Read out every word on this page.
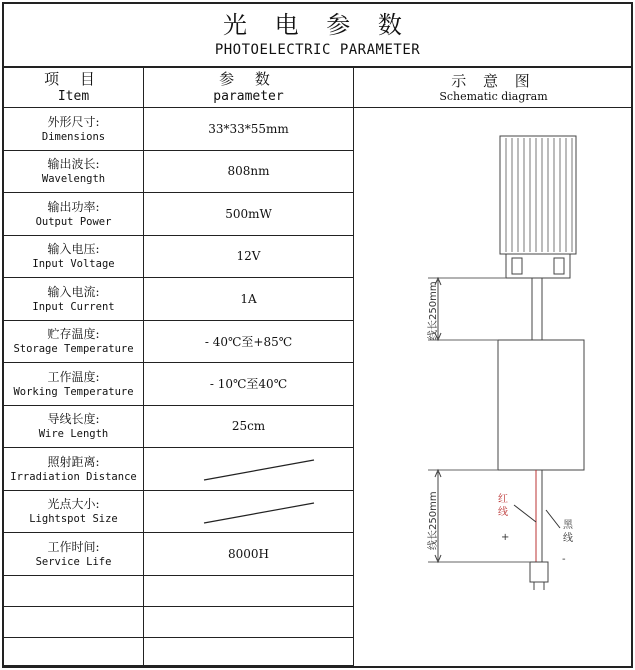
光 电 参 数
PHOTOELECTRIC PARAMETER
示 意 图
Schematic diagram
项 目
Item
参 数
parameter
外形尺寸:
Dimensions
33*33*55mm
输出波长:
Wavelength
808nm
输出功率:
Output Power
500mW
输入电压:
Input Voltage
12V
输入电流:
Input Current
1A
贮存温度:
Storage Temperature
- 40℃至+85℃
工作温度:
Working Temperature
- 10℃至40℃
导线长度:
Wire Length
25cm
照射距离:
Irradiation Distance
光点大小:
Lightspot Size
工作时间:
Service Life
8000H
线长250mm
线长250mm	红线
+
黑线
-
